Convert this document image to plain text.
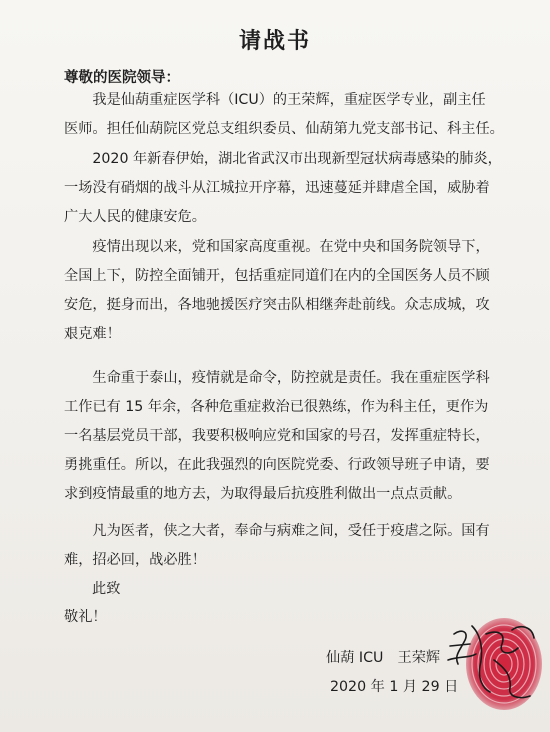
请战书
尊敬的医院领导：
　　我是仙葫重症医学科（ICU）的王荣辉，重症医学专业，副主任
医师。担任仙葫院区党总支组织委员、仙葫第九党支部书记、科主任。
　　2020 年新春伊始，湖北省武汉市出现新型冠状病毒感染的肺炎，
一场没有硝烟的战斗从江城拉开序幕，迅速蔓延并肆虐全国，威胁着
广大人民的健康安危。
　　疫情出现以来，党和国家高度重视。在党中央和国务院领导下，
全国上下，防控全面铺开，包括重症同道们在内的全国医务人员不顾
安危，挺身而出，各地驰援医疗突击队相继奔赴前线。众志成城，攻
艰克难！
　　生命重于泰山，疫情就是命令，防控就是责任。我在重症医学科
工作已有 15 年余，各种危重症救治已很熟练，作为科主任，更作为
一名基层党员干部，我要积极响应党和国家的号召，发挥重症特长，
勇挑重任。所以，在此我强烈的向医院党委、行政领导班子申请，要
求到疫情最重的地方去，为取得最后抗疫胜利做出一点点贡献。
　　凡为医者，侠之大者，奉命与病难之间，受任于疫虐之际。国有
难，招必回，战必胜！
此致
敬礼！
仙葫 ICU　王荣辉
2020 年 1 月 29 日
